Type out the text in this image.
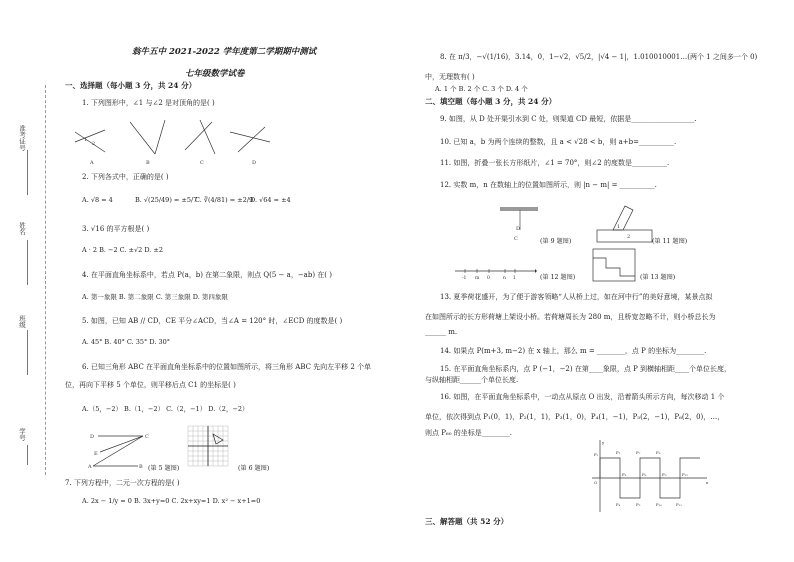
准考证号
姓名
班级
学号
翁牛五中 2021-2022 学年度第二学期期中测试
七年级数学试卷
一、选择题（每小题 3 分，共 24 分）
1. 下列图形中，∠1 与∠2 是对顶角的是( )
1
2
A	B	C	D
2. 下列各式中，正确的是( )
A. √8 = 4	B. √(25/49) = ±5/7
C. ∛(4/81) = ±2/9
D. √64 = ±4
3. √16 的平方根是( )
A · 2 B. −2 C. ±√2 D. ±2
4. 在平面直角坐标系中，若点 P(a，b) 在第二象限，则点 Q(5 − a，−ab) 在( )
A. 第一象限 B. 第二象限 C. 第三象限 D. 第四象限
5. 如图，已知 AB // CD，CE 平分∠ACD，当∠A = 120° 时，∠ECD 的度数是( )
A. 45° B. 40° C. 35° D. 30°
6. 已知三角形 ABC 在平面直角坐标系中的位置如图所示，将三角形 ABC 先向左平移 2 个单
位，再向下平移 5 个单位，则平移后点 C1 的坐标是( )
A.（5，−2） B.（1，−2） C.（2，−1） D.（2，−2）
D
E
C
A	B (第 5 题图)	(第 6 题图)
7. 下列方程中，二元一次方程的是( )
A. 2x − 1/y = 0 B. 3x+y=0 C. 2x+xy=1 D. x² − x+1=0
8. 在 π/3，−√(1/16)，3.14，0，1−√2，√5/2，|√4 − 1|，1.010010001…(两个 1 之间多一个 0)
中，无理数有( )
A. 1 个 B. 2 个 C. 3 个 D. 4 个
二、填空题（每小题 3 分，共 24 分）
9. 如图，从 D 处开渠引水到 C 处，则渠道 CD 最短，依据是__________________.
10. 已知 a，b 为两个连续的整数，且 a < √28 < b，则 a+b=__________.
11. 如图，折叠一张长方形纸片，∠1 = 70°，则∠2 的度数是__________.
12. 实数 m，n 在数轴上的位置如图所示，则 |n − m| = __________.
D
C	(第 9 题图)
1
2
(第 11 题图)
-1 m 0	n 1	(第 12 题图)	(第 13 题图)
13. 夏季荷花盛开，为了便于游客领略“人从桥上过，如在河中行”的美好意境，某景点拟
在如图所示的长方形荷塘上架设小桥。若荷塘周长为 280 m，且桥宽忽略不计，则小桥总长为
______ m.
14. 如果点 P(m+3, m−2) 在 x 轴上，那么 m = ________，点 P 的坐标为________.
15. 在平面直角坐标系内，点 P (−1，−2) 在第____象限，点 P 到横轴相距____个单位长度，
与纵轴相距______个单位长度.
16. 如图，在平面直角坐标系中，一动点从原点 O 出发，沿着箭头所示方向，每次移动 1 个
单位，依次得到点 P₁(0，1)，P₂(1，1)，P₃(1，0)，P₄(1，−1)，P₅(2，−1)，P₆(2，0)，…，
则点 P₆₀ 的坐标是________.
P₁	P₂
P₃
P₄	P₅
P₆
P₇	P₈
P₉
P₁₀	P₁₁
P₁₂
O	x
y
三、解答题（共 52 分）
